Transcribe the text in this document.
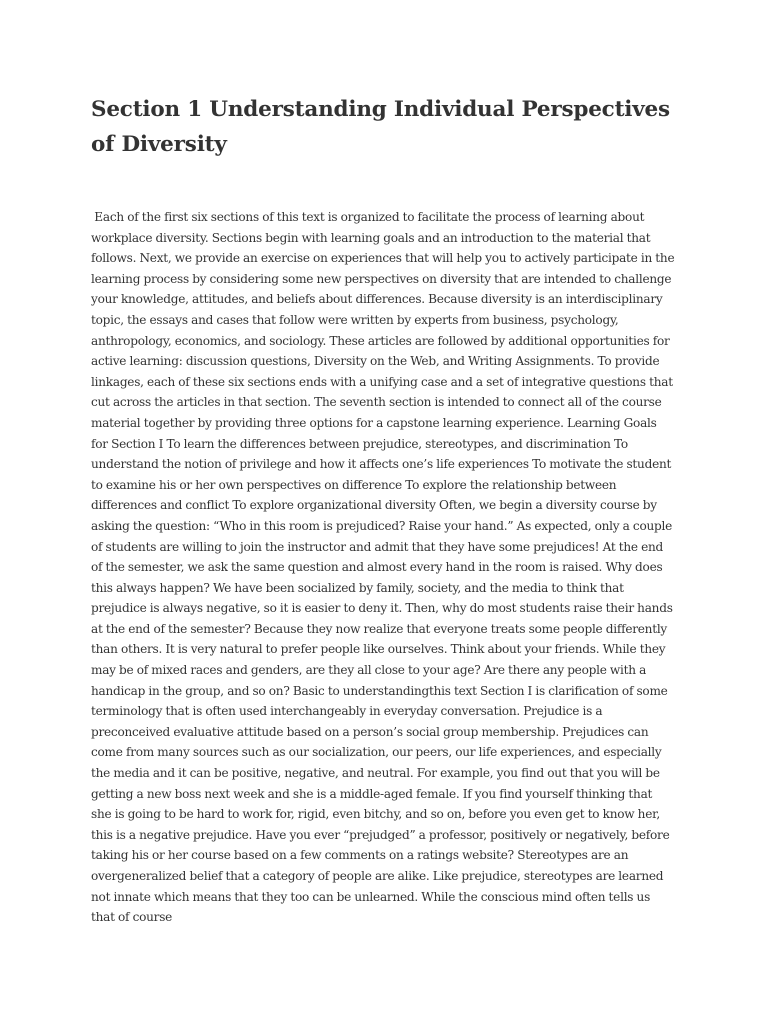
Section 1 Understanding Individual Perspectives of Diversity

Each of the first six sections of this text is organized to facilitate the process of learning about workplace diversity. Sections begin with learning goals and an introduction to the material that follows. Next, we provide an exercise on experiences that will help you to actively participate in the learning process by considering some new perspectives on diversity that are intended to challenge your knowledge, attitudes, and beliefs about differences. Because diversity is an interdisciplinary topic, the essays and cases that follow were written by experts from business, psychology, anthropology, economics, and sociology. These articles are followed by additional opportunities for active learning: discussion questions, Diversity on the Web, and Writing Assignments. To provide linkages, each of these six sections ends with a unifying case and a set of integrative questions that cut across the articles in that section. The seventh section is intended to connect all of the course material together by providing three options for a capstone learning experience. Learning Goals for Section I To learn the differences between prejudice, stereotypes, and discrimination To understand the notion of privilege and how it affects one’s life experiences To motivate the student to examine his or her own perspectives on difference To explore the relationship between differences and conflict To explore organizational diversity Often, we begin a diversity course by asking the question: “Who in this room is prejudiced? Raise your hand.” As expected, only a couple of students are willing to join the instructor and admit that they have some prejudices! At the end of the semester, we ask the same question and almost every hand in the room is raised. Why does this always happen? We have been socialized by family, society, and the media to think that prejudice is always negative, so it is easier to deny it. Then, why do most students raise their hands at the end of the semester? Because they now realize that everyone treats some people differently than others. It is very natural to prefer people like ourselves. Think about your friends. While they may be of mixed races and genders, are they all close to your age? Are there any people with a handicap in the group, and so on? Basic to understandingthis text Section I is clarification of some terminology that is often used interchangeably in everyday conversation. Prejudice is a preconceived evaluative attitude based on a person’s social group membership. Prejudices can come from many sources such as our socialization, our peers, our life experiences, and especially the media and it can be positive, negative, and neutral. For example, you find out that you will be getting a new boss next week and she is a middle-aged female. If you find yourself thinking that she is going to be hard to work for, rigid, even bitchy, and so on, before you even get to know her, this is a negative prejudice. Have you ever “prejudged” a professor, positively or negatively, before taking his or her course based on a few comments on a ratings website? Stereotypes are an overgeneralized belief that a category of people are alike. Like prejudice, stereotypes are learned not innate which means that they too can be unlearned. While the conscious mind often tells us that of course
